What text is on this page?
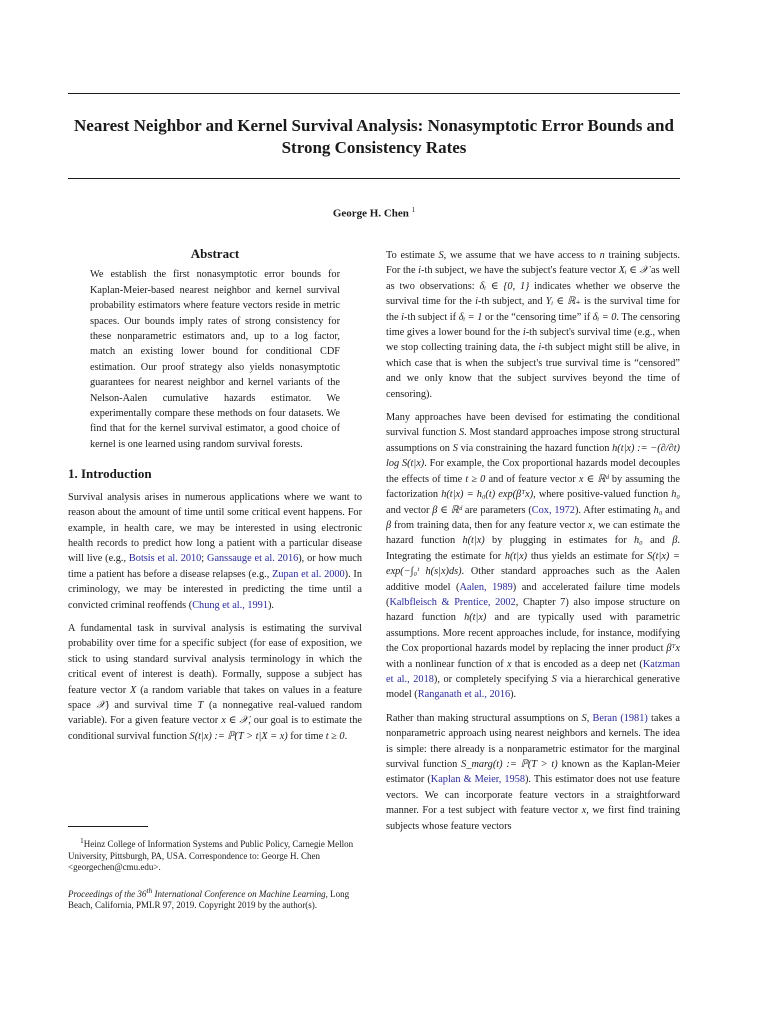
Nearest Neighbor and Kernel Survival Analysis: Nonasymptotic Error Bounds and Strong Consistency Rates
George H. Chen $^1$
Abstract
We establish the first nonasymptotic error bounds for Kaplan-Meier-based nearest neighbor and kernel survival probability estimators where feature vectors reside in metric spaces. Our bounds imply rates of strong consistency for these nonparametric estimators and, up to a log factor, match an existing lower bound for conditional CDF estimation. Our proof strategy also yields nonasymptotic guarantees for nearest neighbor and kernel variants of the Nelson-Aalen cumulative hazards estimator. We experimentally compare these methods on four datasets. We find that for the kernel survival estimator, a good choice of kernel is one learned using random survival forests.
1. Introduction

Survival analysis arises in numerous applications where we want to reason about the amount of time until some critical event happens. For example, in health care, we may be interested in using electronic health records to predict how long a patient with a particular disease will live (e.g., Botsis et al. 2010; Ganssauge et al. 2016), or how much time a patient has before a disease relapses (e.g., Zupan et al. 2000). In criminology, we may be interested in predicting the time until a convicted criminal reoffends (Chung et al., 1991).

A fundamental task in survival analysis is estimating the survival probability over time for a specific subject (for ease of exposition, we stick to using standard survival analysis terminology in which the critical event of interest is death). Formally, suppose a subject has feature vector X (a random variable that takes on values in a feature space 𝒳) and survival time T (a nonnegative real-valued random variable). For a given feature vector x ∈ 𝒳, our goal is to estimate the conditional survival function S(t|x) := ℙ(T > t|X = x) for time t ≥ 0.

$^1$Heinz College of Information Systems and Public Policy, Carnegie Mellon University, Pittsburgh, PA, USA. Correspondence to: George H. Chen <georgechen@cmu.edu>.

Proceedings of the 36th International Conference on Machine Learning, Long Beach, California, PMLR 97, 2019. Copyright 2019 by the author(s).

To estimate S, we assume that we have access to n training subjects. For the i-th subject, we have the subject's feature vector Xᵢ ∈ 𝒳 as well as two observations: δᵢ ∈ {0, 1} indicates whether we observe the survival time for the i-th subject, and Yᵢ ∈ ℝ₊ is the survival time for the i-th subject if δᵢ = 1 or the “censoring time” if δᵢ = 0. The censoring time gives a lower bound for the i-th subject's survival time (e.g., when we stop collecting training data, the i-th subject might still be alive, in which case that is when the subject's true survival time is “censored” and we only know that the subject survives beyond the time of censoring).

Many approaches have been devised for estimating the conditional survival function S. Most standard approaches impose strong structural assumptions on S via constraining the hazard function h(t|x) := −(∂/∂t) log S(t|x). For example, the Cox proportional hazards model decouples the effects of time t ≥ 0 and of feature vector x ∈ ℝᵈ by assuming the factorization h(t|x) = h₀(t) exp(βᵀx), where positive-valued function h₀ and vector β ∈ ℝᵈ are parameters (Cox, 1972). After estimating h₀ and β from training data, then for any feature vector x, we can estimate the hazard function h(t|x) by plugging in estimates for h₀ and β. Integrating the estimate for h(t|x) thus yields an estimate for S(t|x) = exp(−∫₀ᵗ h(s|x)ds). Other standard approaches such as the Aalen additive model (Aalen, 1989) and accelerated failure time models (Kalbfleisch & Prentice, 2002, Chapter 7) also impose structure on hazard function h(t|x) and are typically used with parametric assumptions. More recent approaches include, for instance, modifying the Cox proportional hazards model by replacing the inner product βᵀx with a nonlinear function of x that is encoded as a deep net (Katzman et al., 2018), or completely specifying S via a hierarchical generative model (Ranganath et al., 2016).

Rather than making structural assumptions on S, Beran (1981) takes a nonparametric approach using nearest neighbors and kernels. The idea is simple: there already is a nonparametric estimator for the marginal survival function S_marg(t) := ℙ(T > t) known as the Kaplan-Meier estimator (Kaplan & Meier, 1958). This estimator does not use feature vectors. We can incorporate feature vectors in a straightforward manner. For a test subject with feature vector x, we first find training subjects whose feature vectors
